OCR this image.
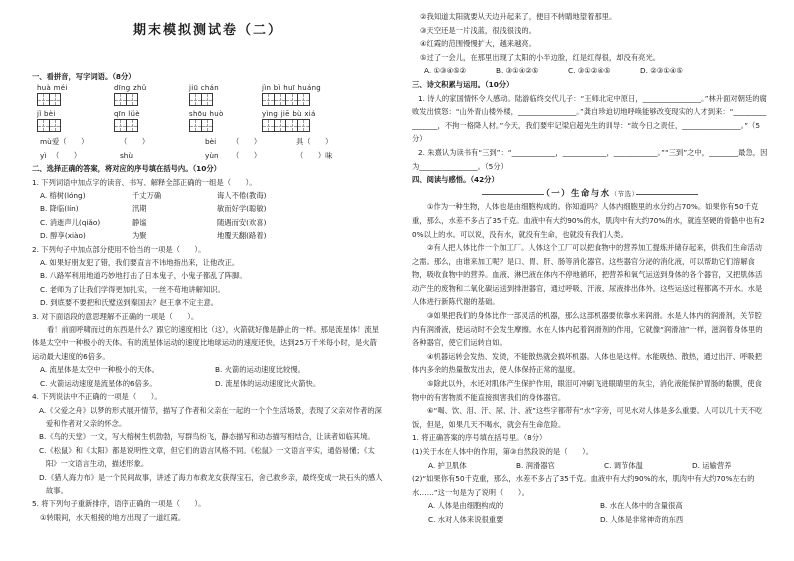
期末模拟测试卷（二）
一、看拼音，写字词语。（8分）
huà méi	dīng zhǔ	jiū chán	jìn bì huī huáng
jǐ bèi	qīn lüè	shōu huò	yìng jiē bù xiá
mù 爱（　　）	（　　）	bèi	（　　）	具（　　）
yì （　　）	shù	yùn	（　　）	（　　）味
二、选择正确的答案，将对应的序号填在括号内。（10分）
1. 下列词语中加点字的读音、书写、解释全部正确的一组是（　　）。
A. 榕树(lóng)	千丈万确	诲人不倦(教诲)
B. 降临(lín)	汛期	敏而好学(聪敏)
C. 消逝声儿(qiǎo)	静谧	随遇而安(欢喜)
D. 醇享(xiào)	为聚	地覆天翻(路着)
2. 下列句子中加点部分使用不恰当的一项是（　　）。
A. 如果好朋友犯了错，我们要直言不讳地指出来，让他改正。
B. 八路军利用地道巧妙地打击了日本鬼子，小鬼子都乱了阵脚。
C. 老师为了让我们学得更加扎实，一丝不苟地讲解知识。
D. 到底要不要把和氏璧送到秦国去？赵王拿不定主意。
3. 对下面语段的意思理解不正确的一项是（　　）。
看！前面呼啸而过的东西是什么？跟它的速度相比（这），火箭就好像是静止的一样。那是流星体！流星体是太空中一种极小的天体。有的流星体运动的速度比地球运动的速度还快，达到25万千米每小时，是火箭运动最大速度的6倍多。
A. 流星体是太空中一种极小的天体。	B. 火箭的运动速度比较慢。
C. 火箭运动速度是流星体的6倍多。	D. 流星体的运动速度比火箭快。
4. 下列说法中不正确的一项是（　　）。
A.《父爱之舟》以梦的形式展开情节，描写了作者和父亲在一起的一个个生活场景，表现了父亲对作者的深爱和作者对父亲的怀念。
B.《鸟的天堂》一文，写大榕树生机勃勃，写群鸟纷飞，静态描写和动态描写相结合，让读者如临其境。
C.《松鼠》和《太阳》都是说明性文章，但它们的语言风格不同。《松鼠》一文语言平实，通俗易懂；《太阳》一文语言生动，描述形象。
D.《猎人海力布》是一个民间故事，讲述了海力布救龙女获得宝石，舍己救乡亲，最终变成一块石头的感人故事。
5. 将下列句子重新排序，语序正确的一项是（　　）。
①转眼间，水天相接的地方出现了一道红霞。
②我知道太阳就要从天边升起来了，便目不转睛地望着那里。
③天空还是一片浅蓝，很浅很浅的。
④红霞的范围慢慢扩大，越来越亮。
⑤过了一会儿，在那里出现了太阳的小半边脸，红是红得很，却没有亮光。
A. ①③④⑤②	B. ③①④②⑤	C. ③①②④⑤	D. ②③①④⑤
三、诗文积累与运用。（10分）
1. 诗人的家国情怀令人感动。陆游临终交代儿子：“王师北定中原日，________________。”林升面对朝廷的腐败发出愤怒：“山外青山楼外楼，________________。”龚自珍迫切地呼唤能够改变现实的人才到来：“________________，不拘一格降人材。”今天，我们要牢记梁启超先生的训导：“故今日之责任，________________。”（5分）
2. 朱熹认为读书有“三到”：“____________，____________，____________。”“三到”之中，________最急，因为________________。（5分）
四、阅读与感悟。（42分）
（一）生命与水（节选）
①作为一种生物，人体也是由细胞构成的。你知道吗？人体内细胞里的水分约占70%。如果你有50千克重，那么，水差不多占了35千克。血液中有大约90%的水，肌肉中有大约70%的水，就连坚硬的骨骼中也有20%以上的水。可以说，没有水，就没有生命，也就没有我们人类。
②有人把人体比作一个加工厂。人体这个工厂可以把食物中的营养加工提炼并储存起来，供我们生命活动之需。那么，由谁来加工呢？是口、胃、肝、肠等消化器官。这些器官分泌的消化液，可以帮助它们溶解食物，吸收食物中的营养。血液、淋巴液在体内不停地循环，把营养和氧气运送到身体的各个器官，又把肌体活动产生的废物和二氧化碳运送到排泄器官，通过呼吸、汗液、尿液排出体外。这些运送过程都离不开水。水是人体进行新陈代谢的基础。
③如果把我们的身体比作一部灵活的机器，那么这部机器要依靠水来润滑。水是人体内的润滑剂，关节腔内有润滑液，使运动时不会发生摩擦。水在人体内起着润滑剂的作用，它就像“润滑油”一样，滋润着身体里的各种器官，使它们运转自如。
④机器运转会发热、发烫，不能散热就会损坏机器。人体也是这样。水能吸热、散热，通过出汗、呼吸把体内多余的热量散发出去，使人体保持正常的温度。
⑤除此以外，水还对肌体产生保护作用，眼泪可冲刷飞进眼睛里的灰尘，消化液能保护胃肠的黏膜，使食物中的有害物质不能直接损害我们的身体器官。
⑥“喝、饮、泪、汗、尿、汁、液”这些字都带有“水”字旁，可见水对人体是多么重要。人可以几十天不吃饭，但是，如果几天不喝水，就会有生命危险。
1. 将正确答案的序号填在括号里。（8分）
(1)关于水在人体中的作用，第③自然段说的是（　　）。
A. 护卫肌体	B. 润滑器官	C. 调节体温	D. 运输营养
(2)“如果你有50千克重，那么，水差不多占了35千克。血液中有大约90%的水，肌肉中有大约70%左右的水……”这一句是为了说明（　　）。
A. 人体是由细胞构成的	B. 水在人体中的含量很高
C. 水对人体来说很重要	D. 人体是非常神奇的东西
